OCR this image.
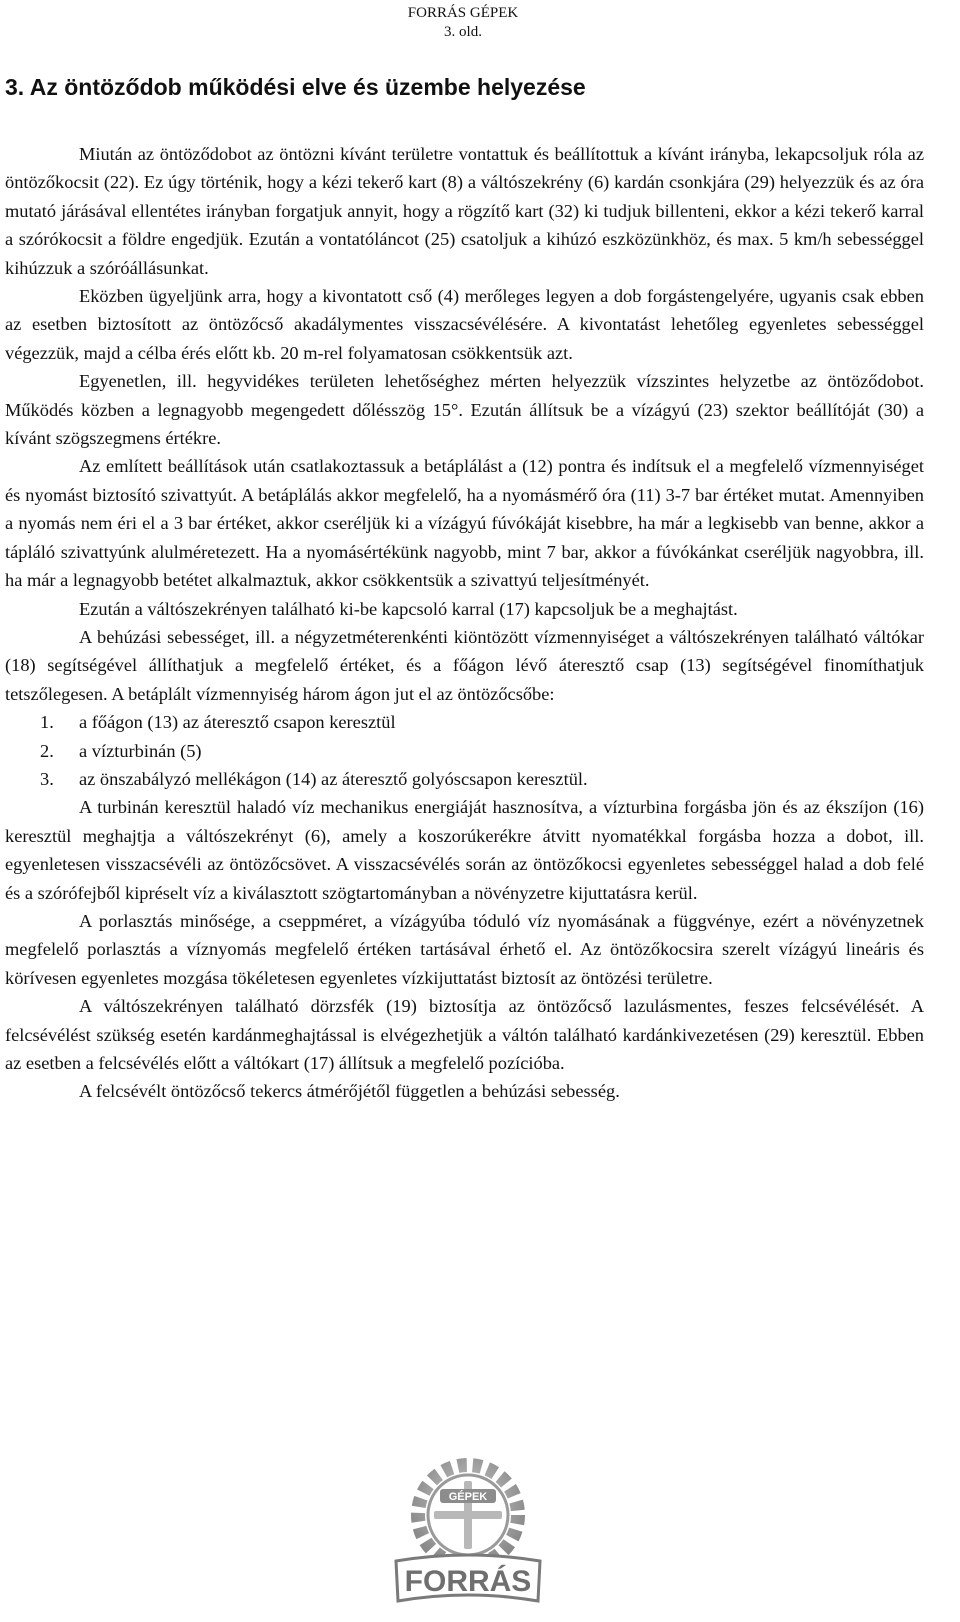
FORRÁS GÉPEK
3. old.
3. Az öntöződob működési elve és üzembe helyezése

Miután az öntöződobot az öntözni kívánt területre vontattuk és beállítottuk a kívánt irányba, lekapcsoljuk róla az öntözőkocsit (22). Ez úgy történik, hogy a kézi tekerő kart (8) a váltószekrény (6) kardán csonkjára (29) helyezzük és az óra mutató járásával ellentétes irányban forgatjuk annyit, hogy a rögzítő kart (32) ki tudjuk billenteni, ekkor a kézi tekerő karral a szórókocsit a földre engedjük. Ezután a vontatóláncot (25) csatoljuk a kihúzó eszközünkhöz, és max. 5 km/h sebességgel kihúzzuk a szóróállásunkat.

Eközben ügyeljünk arra, hogy a kivontatott cső (4) merőleges legyen a dob forgástengelyére, ugyanis csak ebben az esetben biztosított az öntözőcső akadálymentes visszacsévélésére. A kivontatást lehetőleg egyenletes sebességgel végezzük, majd a célba érés előtt kb. 20 m-rel folyamatosan csökkentsük azt.

Egyenetlen, ill. hegyvidékes területen lehetőséghez mérten helyezzük vízszintes helyzetbe az öntöződobot. Működés közben a legnagyobb megengedett dőlésszög 15°. Ezután állítsuk be a vízágyú (23) szektor beállítóját (30) a kívánt szögszegmens értékre.

Az említett beállítások után csatlakoztassuk a betáplálást a (12) pontra és indítsuk el a megfelelő vízmennyiséget és nyomást biztosító szivattyút. A betáplálás akkor megfelelő, ha a nyomásmérő óra (11) 3-7 bar értéket mutat. Amennyiben a nyomás nem éri el a 3 bar értéket, akkor cseréljük ki a vízágyú fúvókáját kisebbre, ha már a legkisebb van benne, akkor a tápláló szivattyúnk alulméretezett. Ha a nyomásértékünk nagyobb, mint 7 bar, akkor a fúvókánkat cseréljük nagyobbra, ill. ha már a legnagyobb betétet alkalmaztuk, akkor csökkentsük a szivattyú teljesítményét.

Ezután a váltószekrényen található ki-be kapcsoló karral (17) kapcsoljuk be a meghajtást.

A behúzási sebességet, ill. a négyzetméterenkénti kiöntözött vízmennyiséget a váltószekrényen található váltókar (18) segítségével állíthatjuk a megfelelő értéket, és a főágon lévő áteresztő csap (13) segítségével finomíthatjuk tetszőlegesen. A betáplált vízmennyiség három ágon jut el az öntözőcsőbe:

1. a főágon (13) az áteresztő csapon keresztül
2. a vízturbinán (5)
3. az önszabályzó mellékágon (14) az áteresztő golyóscsapon keresztül.

A turbinán keresztül haladó víz mechanikus energiáját hasznosítva, a vízturbina forgásba jön és az ékszíjon (16) keresztül meghajtja a váltószekrényt (6), amely a koszorúkerékre átvitt nyomatékkal forgásba hozza a dobot, ill. egyenletesen visszacsévéli az öntözőcsövet. A visszacsévélés során az öntözőkocsi egyenletes sebességgel halad a dob felé és a szórófejből kipréselt víz a kiválasztott szögtartományban a növényzetre kijuttatásra kerül.

A porlasztás minősége, a cseppméret, a vízágyúba tóduló víz nyomásának a függvénye, ezért a növényzetnek megfelelő porlasztás a víznyomás megfelelő értéken tartásával érhető el. Az öntözőkocsira szerelt vízágyú lineáris és körívesen egyenletes mozgása tökéletesen egyenletes vízkijuttatást biztosít az öntözési területre.

A váltószekrényen található dörzsfék (19) biztosítja az öntözőcső lazulásmentes, feszes felcsévélését. A felcsévélést szükség esetén kardánmeghajtással is elvégezhetjük a váltón található kardánkivezetésen (29) keresztül. Ebben az esetben a felcsévélés előtt a váltókart (17) állítsuk a megfelelő pozícióba.

A felcsévélt öntözőcső tekercs átmérőjétől független a behúzási sebesség.

GÉPEK
FORRÁS
